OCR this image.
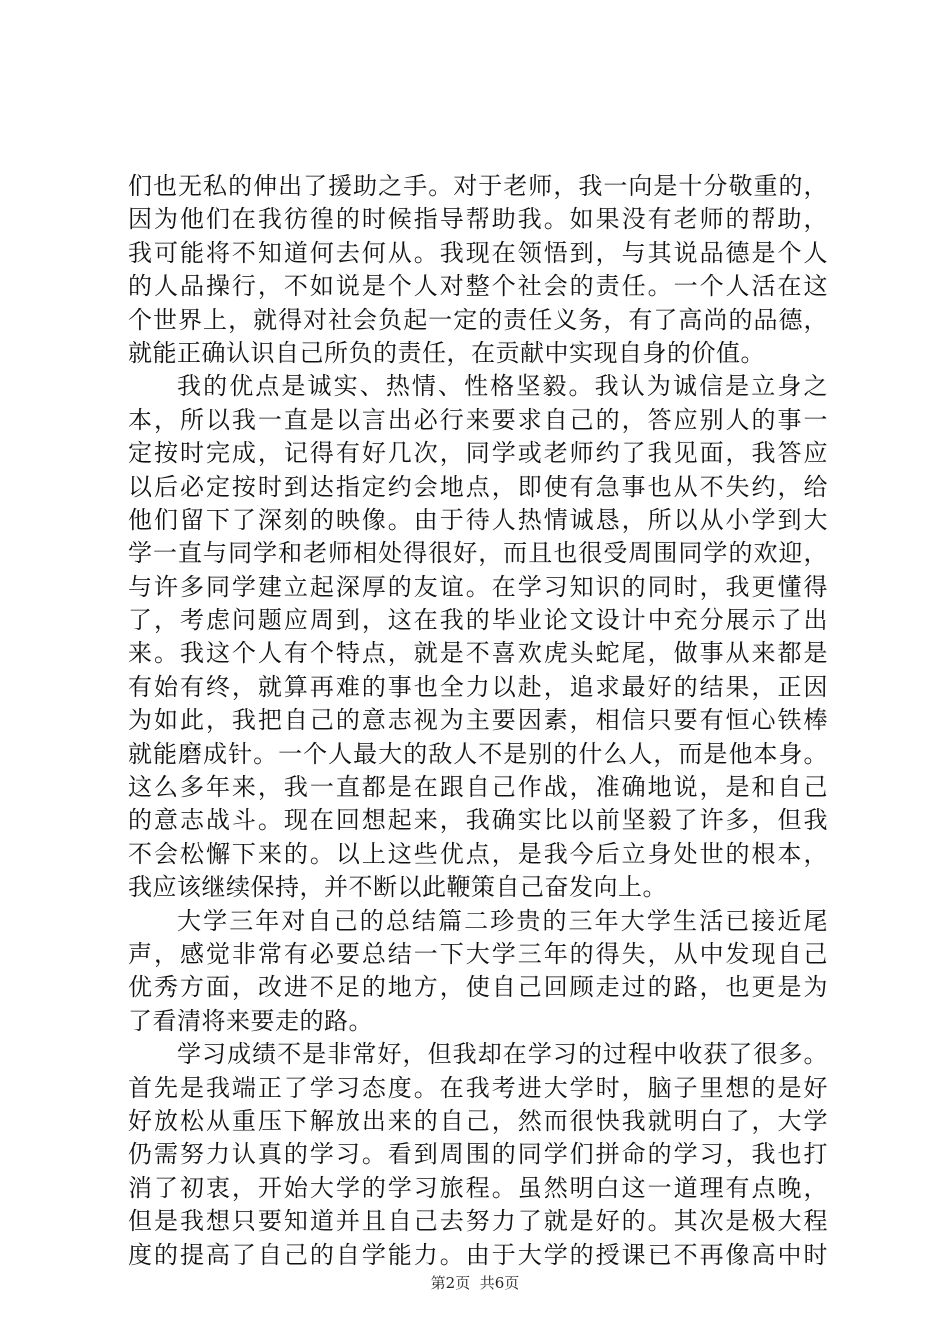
们也无私的伸出了援助之手。对于老师，我一向是十分敬重的，
因为他们在我彷徨的时候指导帮助我。如果没有老师的帮助，
我可能将不知道何去何从。我现在领悟到，与其说品德是个人
的人品操行，不如说是个人对整个社会的责任。一个人活在这
个世界上，就得对社会负起一定的责任义务，有了高尚的品德，
就能正确认识自己所负的责任，在贡献中实现自身的价值。
我的优点是诚实、热情、性格坚毅。我认为诚信是立身之
本，所以我一直是以言出必行来要求自己的，答应别人的事一
定按时完成，记得有好几次，同学或老师约了我见面，我答应
以后必定按时到达指定约会地点，即使有急事也从不失约，给
他们留下了深刻的映像。由于待人热情诚恳，所以从小学到大
学一直与同学和老师相处得很好，而且也很受周围同学的欢迎，
与许多同学建立起深厚的友谊。在学习知识的同时，我更懂得
了，考虑问题应周到，这在我的毕业论文设计中充分展示了出
来。我这个人有个特点，就是不喜欢虎头蛇尾，做事从来都是
有始有终，就算再难的事也全力以赴，追求最好的结果，正因
为如此，我把自己的意志视为主要因素，相信只要有恒心铁棒
就能磨成针。一个人最大的敌人不是别的什么人，而是他本身。
这么多年来，我一直都是在跟自己作战，准确地说，是和自己
的意志战斗。现在回想起来，我确实比以前坚毅了许多，但我
不会松懈下来的。以上这些优点，是我今后立身处世的根本，
我应该继续保持，并不断以此鞭策自己奋发向上。
大学三年对自己的总结篇二珍贵的三年大学生活已接近尾
声，感觉非常有必要总结一下大学三年的得失，从中发现自己
优秀方面，改进不足的地方，使自己回顾走过的路，也更是为
了看清将来要走的路。
学习成绩不是非常好，但我却在学习的过程中收获了很多。
首先是我端正了学习态度。在我考进大学时，脑子里想的是好
好放松从重压下解放出来的自己，然而很快我就明白了，大学
仍需努力认真的学习。看到周围的同学们拼命的学习，我也打
消了初衷，开始大学的学习旅程。虽然明白这一道理有点晚，
但是我想只要知道并且自己去努力了就是好的。其次是极大程
度的提高了自己的自学能力。由于大学的授课已不再像高中时
第2页 共6页
